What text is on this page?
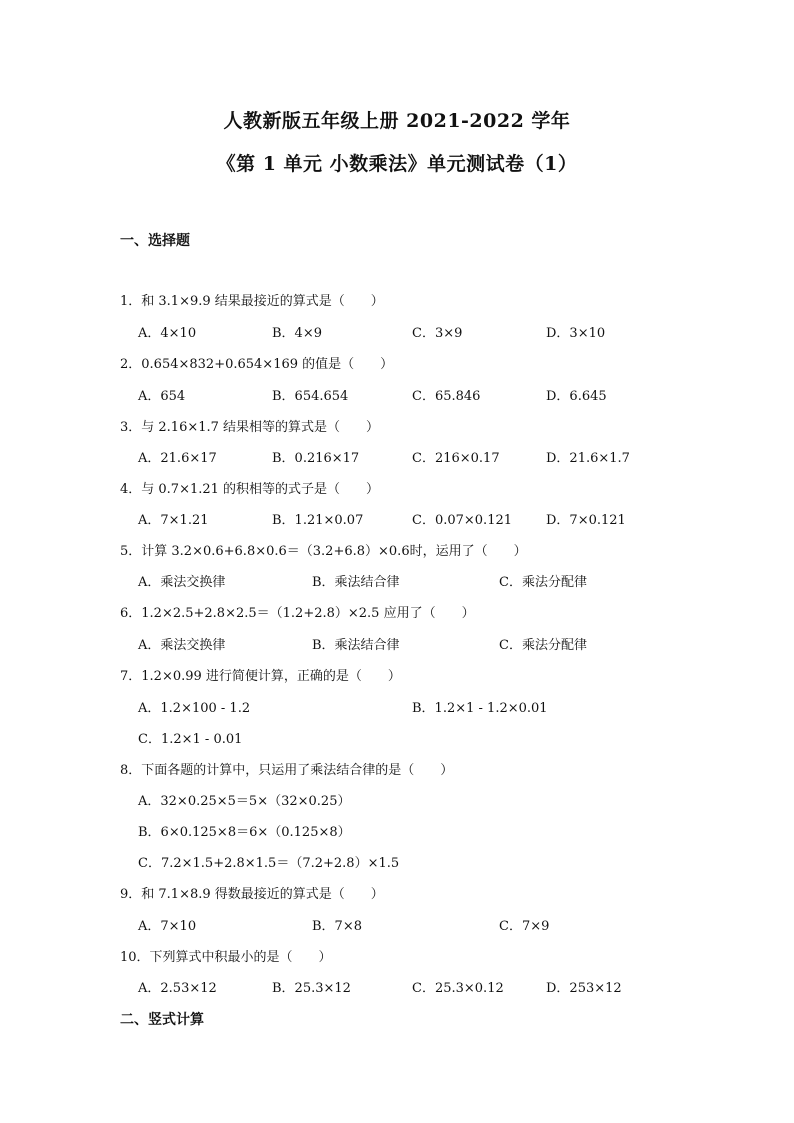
人教新版五年级上册 2021-2022 学年
《第 1 单元 小数乘法》单元测试卷（1）
一、选择题
1．和 3.1×9.9 结果最接近的算式是（　　）
A．4×10	B．4×9	C．3×9	D．3×10
2．0.654×832+0.654×169 的值是（　　）
A．654	B．654.654	C．65.846	D．6.645
3．与 2.16×1.7 结果相等的算式是（　　）
A．21.6×17	B．0.216×17	C．216×0.17	D．21.6×1.7
4．与 0.7×1.21 的积相等的式子是（　　）
A．7×1.21	B．1.21×0.07	C．0.07×0.121	D．7×0.121
5．计算 3.2×0.6+6.8×0.6＝（3.2+6.8）×0.6时，运用了（　　）
A．乘法交换律	B．乘法结合律	C．乘法分配律
6．1.2×2.5+2.8×2.5＝（1.2+2.8）×2.5 应用了（　　）
A．乘法交换律	B．乘法结合律	C．乘法分配律
7．1.2×0.99 进行简便计算，正确的是（　　）
A．1.2×100 - 1.2	B．1.2×1 - 1.2×0.01
C．1.2×1 - 0.01
8．下面各题的计算中，只运用了乘法结合律的是（　　）
A．32×0.25×5＝5×（32×0.25）
B．6×0.125×8＝6×（0.125×8）
C．7.2×1.5+2.8×1.5＝（7.2+2.8）×1.5
9．和 7.1×8.9 得数最接近的算式是（　　）
A．7×10	B．7×8	C．7×9
10．下列算式中积最小的是（　　）
A．2.53×12	B．25.3×12	C．25.3×0.12	D．253×12
二、竖式计算
